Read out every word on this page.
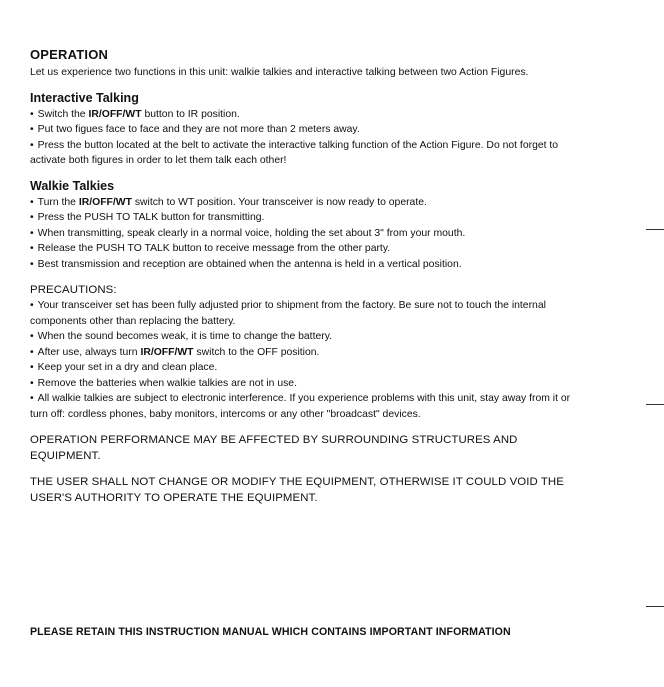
OPERATION

Let us experience two functions in this unit: walkie talkies and interactive talking between two Action Figures.

Interactive Talking
• Switch the IR/OFF/WT button to IR position.
• Put two figues face to face and they are not more than 2 meters away.
• Press the button located at the belt to activate the interactive talking function of the Action Figure. Do not forget to activate both figures in order to let them talk each other!
Walkie Talkies
• Turn the IR/OFF/WT switch to WT position. Your transceiver is now ready to operate.
• Press the PUSH TO TALK button for transmitting.
• When transmitting, speak clearly in a normal voice, holding the set about 3" from your mouth.
• Release the PUSH TO TALK button to receive message from the other party.
• Best transmission and reception are obtained when the antenna is held in a vertical position.

PRECAUTIONS:

• Your transceiver set has been fully adjusted prior to shipment from the factory. Be sure not to touch the internal components other than replacing the battery.
• When the sound becomes weak, it is time to change the battery.
• After use, always turn IR/OFF/WT switch to the OFF position.
• Keep your set in a dry and clean place.
• Remove the batteries when walkie talkies are not in use.
• All walkie talkies are subject to electronic interference. If you experience problems with this unit, stay away from it or turn off: cordless phones, baby monitors, intercoms or any other "broadcast" devices.

OPERATION PERFORMANCE MAY BE AFFECTED BY SURROUNDING STRUCTURES AND EQUIPMENT.

THE USER SHALL NOT CHANGE OR MODIFY THE EQUIPMENT, OTHERWISE IT COULD VOID THE USER'S AUTHORITY TO OPERATE THE EQUIPMENT.

PLEASE RETAIN THIS INSTRUCTION MANUAL WHICH CONTAINS IMPORTANT INFORMATION
